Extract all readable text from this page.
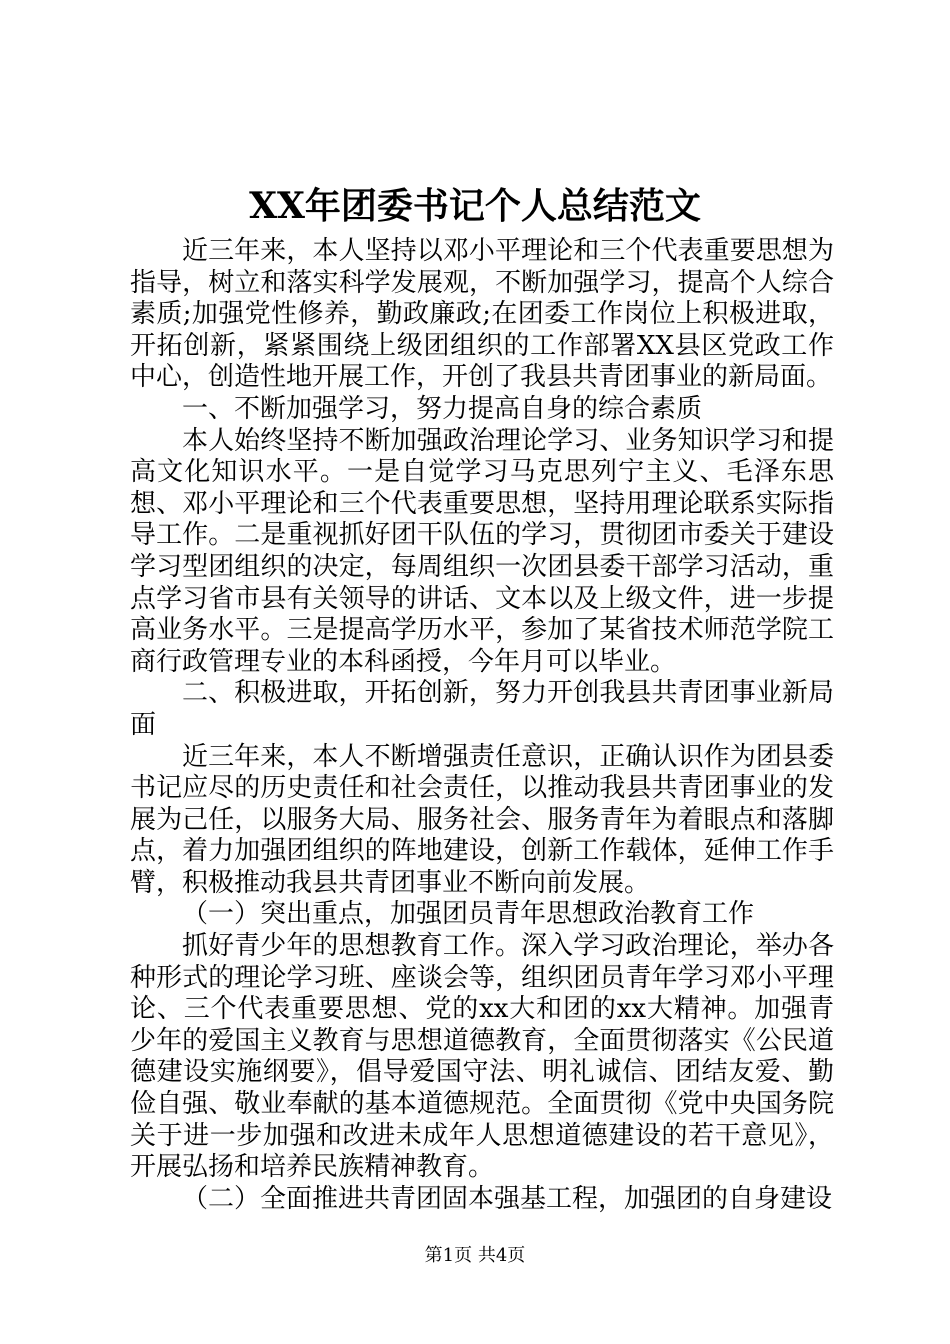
XX年团委书记个人总结范文

近三年来，本人坚持以邓小平理论和三个代表重要思想为指导，树立和落实科学发展观，不断加强学习，提高个人综合素质;加强党性修养，勤政廉政;在团委工作岗位上积极进取，开拓创新，紧紧围绕上级团组织的工作部署XX县区党政工作中心，创造性地开展工作，开创了我县共青团事业的新局面。

一、不断加强学习，努力提高自身的综合素质

本人始终坚持不断加强政治理论学习、业务知识学习和提高文化知识水平。一是自觉学习马克思列宁主义、毛泽东思想、邓小平理论和三个代表重要思想，坚持用理论联系实际指导工作。二是重视抓好团干队伍的学习，贯彻团市委关于建设学习型团组织的决定，每周组织一次团县委干部学习活动，重点学习省市县有关领导的讲话、文本以及上级文件，进一步提高业务水平。三是提高学历水平，参加了某省技术师范学院工商行政管理专业的本科函授，今年月可以毕业。

二、积极进取，开拓创新，努力开创我县共青团事业新局面

近三年来，本人不断增强责任意识，正确认识作为团县委书记应尽的历史责任和社会责任，以推动我县共青团事业的发展为己任，以服务大局、服务社会、服务青年为着眼点和落脚点，着力加强团组织的阵地建设，创新工作载体，延伸工作手臂，积极推动我县共青团事业不断向前发展。

（一）突出重点，加强团员青年思想政治教育工作

抓好青少年的思想教育工作。深入学习政治理论，举办各种形式的理论学习班、座谈会等，组织团员青年学习邓小平理论、三个代表重要思想、党的xx大和团的xx大精神。加强青少年的爱国主义教育与思想道德教育，全面贯彻落实《公民道德建设实施纲要》，倡导爱国守法、明礼诚信、团结友爱、勤俭自强、敬业奉献的基本道德规范。全面贯彻《党中央国务院关于进一步加强和改进未成年人思想道德建设的若干意见》，开展弘扬和培养民族精神教育。

（二）全面推进共青团固本强基工程，加强团的自身建设

第1页 共4页
